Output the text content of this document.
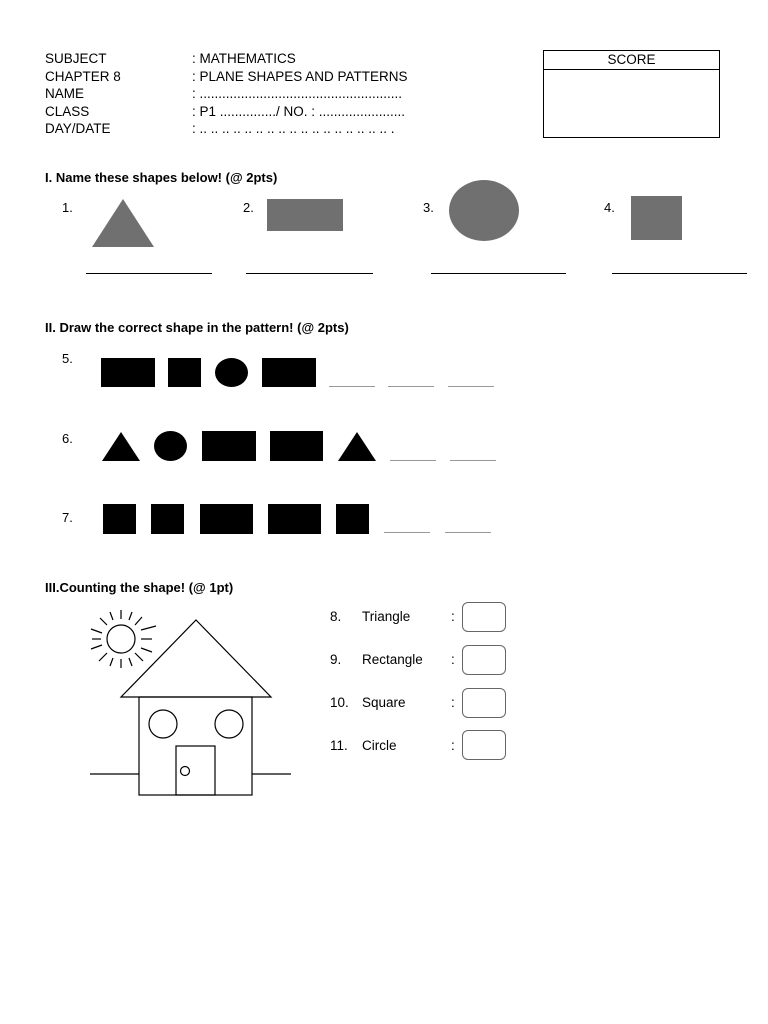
SUBJECT	: MATHEMATICS
CHAPTER 8	: PLANE SHAPES AND PATTERNS
NAME	: ......................................................
CLASS	: P1 .............../ NO. : .......................
DAY/DATE	: .. .. .. .. .. .. .. .. .. .. .. .. .. .. .. .. .. .
SCORE
I. Name these shapes below! (@ 2pts)
1.	2.	3.	4.
II. Draw the correct shape in the pattern! (@ 2pts)
5.
6.
7.
III.Counting the shape! (@ 1pt)
8. Triangle	:
9. Rectangle :
10. Square	:
11. Circle	:
